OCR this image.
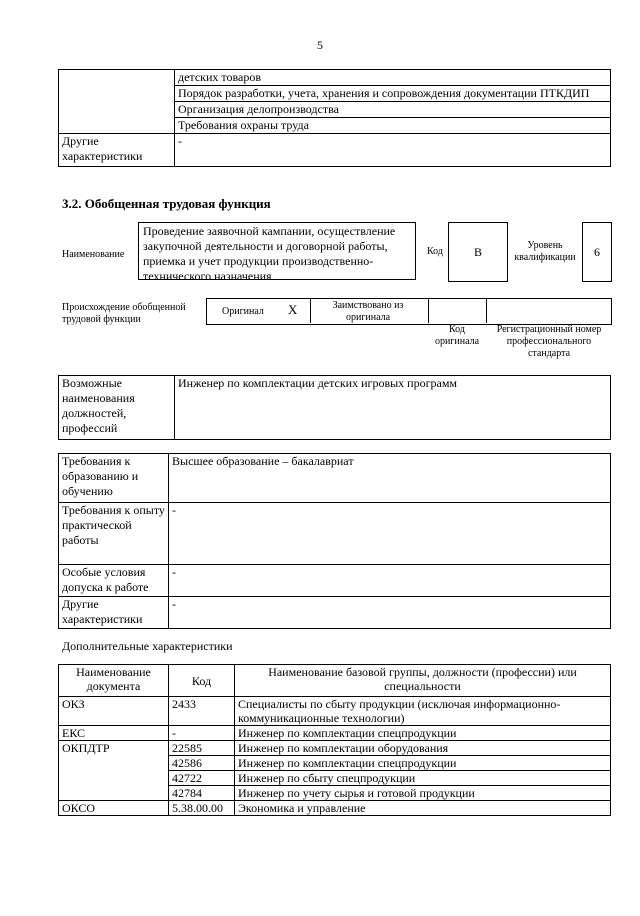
5
	детских товаров
	Порядок разработки, учета, хранения и сопровождения документации ПТКДИП
	Организация делопроизводства
	Требования охраны труда
Другие характеристики	-
3.2. Обобщенная трудовая функция
Наименование
Проведение заявочной кампании, осуществление закупочной деятельности и договорной работы, приемка и учет продукции производственно-технического назначения
Код	B	Уровень квалификации	6
Происхождение обобщенной трудовой функции
Оригинал X	Заимствовано из оригинала
Код оригинала
Регистрационный номер профессионального стандарта
Возможные наименования должностей, профессий	Инженер по комплектации детских игровых программ
Требования к образованию и обучению	Высшее образование – бакалавриат
Требования к опыту практической работы	-
Особые условия допуска к работе	-
Другие характеристики	-
Дополнительные характеристики
Наименование документа	Код	Наименование базовой группы, должности (профессии) или специальности
ОКЗ	2433	Специалисты по сбыту продукции (исключая информационно-коммуникационные технологии)
ЕКС	-	Инженер по комплектации спецпродукции
ОКПДТР	22585	Инженер по комплектации оборудования
	42586	Инженер по комплектации спецпродукции
	42722	Инженер по сбыту спецпродукции
	42784	Инженер по учету сырья и готовой продукции
ОКСО	5.38.00.00	Экономика и управление
